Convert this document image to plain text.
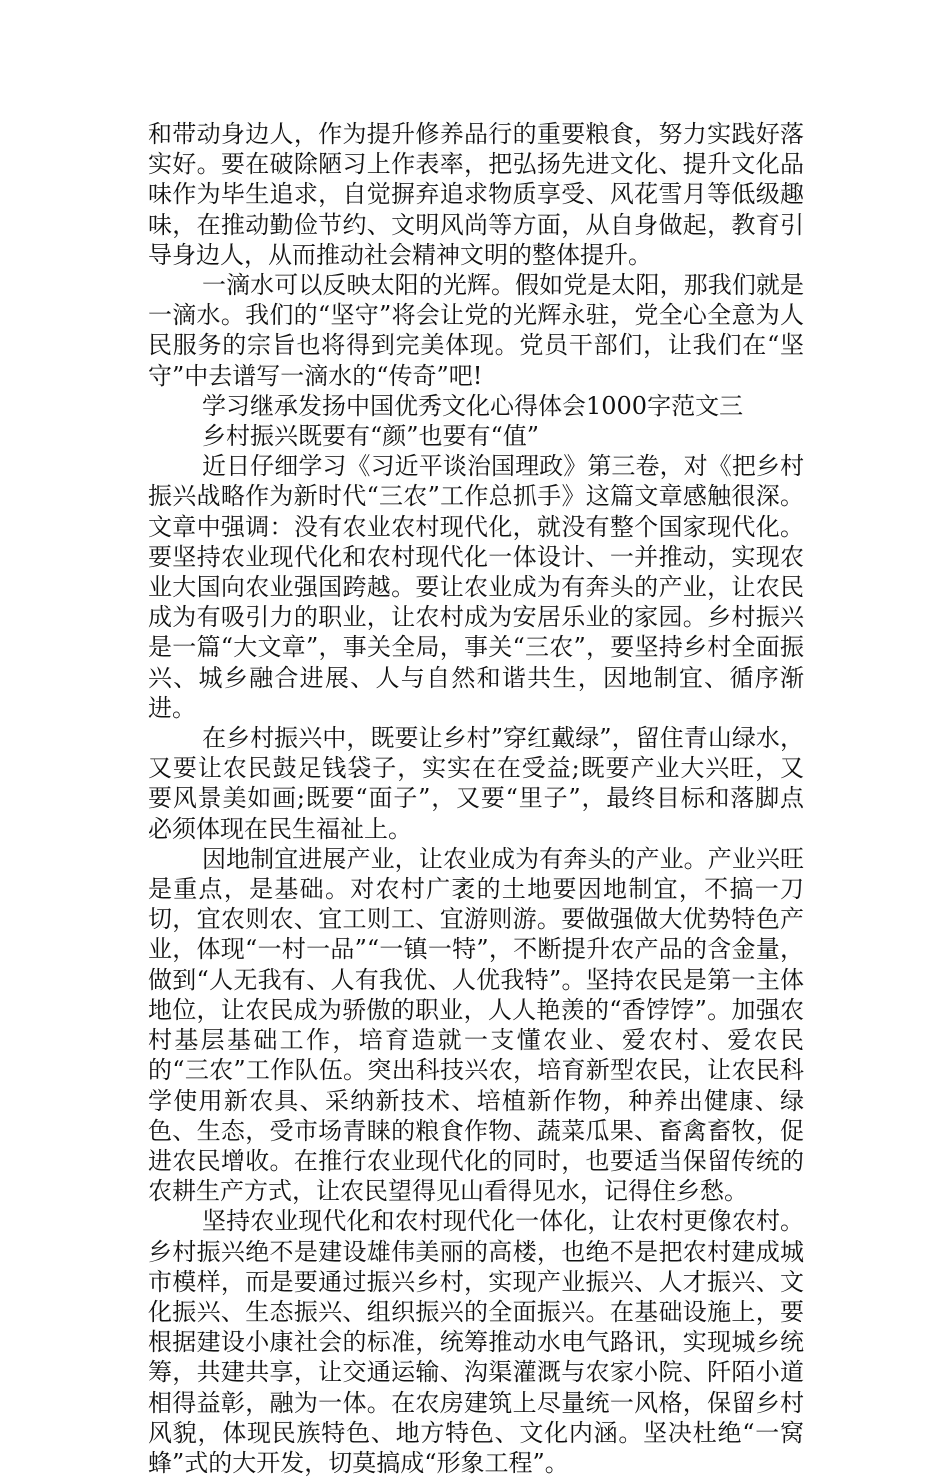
和带动身边人，作为提升修养品行的重要粮食，努力实践好落实好。要在破除陋习上作表率，把弘扬先进文化、提升文化品味作为毕生追求，自觉摒弃追求物质享受、风花雪月等低级趣味，在推动勤俭节约、文明风尚等方面，从自身做起，教育引导身边人，从而推动社会精神文明的整体提升。

一滴水可以反映太阳的光辉。假如党是太阳，那我们就是一滴水。我们的“坚守”将会让党的光辉永驻，党全心全意为人民服务的宗旨也将得到完美体现。党员干部们，让我们在“坚守”中去谱写一滴水的“传奇”吧!

学习继承发扬中国优秀文化心得体会1000字范文三

乡村振兴既要有“颜”也要有“值”

近日仔细学习《习近平谈治国理政》第三卷，对《把乡村振兴战略作为新时代“三农”工作总抓手》这篇文章感触很深。文章中强调：没有农业农村现代化，就没有整个国家现代化。要坚持农业现代化和农村现代化一体设计、一并推动，实现农业大国向农业强国跨越。要让农业成为有奔头的产业，让农民成为有吸引力的职业，让农村成为安居乐业的家园。乡村振兴是一篇“大文章”，事关全局，事关“三农”，要坚持乡村全面振兴、城乡融合进展、人与自然和谐共生，因地制宜、循序渐进。

在乡村振兴中，既要让乡村”穿红戴绿”，留住青山绿水，又要让农民鼓足钱袋子，实实在在受益;既要产业大兴旺，又要风景美如画;既要“面子”，又要“里子”，最终目标和落脚点必须体现在民生福祉上。

因地制宜进展产业，让农业成为有奔头的产业。产业兴旺是重点，是基础。对农村广袤的土地要因地制宜，不搞一刀切，宜农则农、宜工则工、宜游则游。要做强做大优势特色产业，体现“一村一品”“一镇一特”，不断提升农产品的含金量，做到“人无我有、人有我优、人优我特”。坚持农民是第一主体地位，让农民成为骄傲的职业，人人艳羡的“香饽饽”。加强农村基层基础工作，培育造就一支懂农业、爱农村、爱农民的“三农”工作队伍。突出科技兴农，培育新型农民，让农民科学使用新农具、采纳新技术、培植新作物，种养出健康、绿色、生态，受市场青睐的粮食作物、蔬菜瓜果、畜禽畜牧，促进农民增收。在推行农业现代化的同时，也要适当保留传统的农耕生产方式，让农民望得见山看得见水，记得住乡愁。

坚持农业现代化和农村现代化一体化，让农村更像农村。乡村振兴绝不是建设雄伟美丽的高楼，也绝不是把农村建成城市模样，而是要通过振兴乡村，实现产业振兴、人才振兴、文化振兴、生态振兴、组织振兴的全面振兴。在基础设施上，要根据建设小康社会的标准，统筹推动水电气路讯，实现城乡统筹，共建共享，让交通运输、沟渠灌溉与农家小院、阡陌小道相得益彰，融为一体。在农房建筑上尽量统一风格，保留乡村风貌，体现民族特色、地方特色、文化内涵。坚决杜绝“一窝蜂”式的大开发，切莫搞成“形象工程”。
